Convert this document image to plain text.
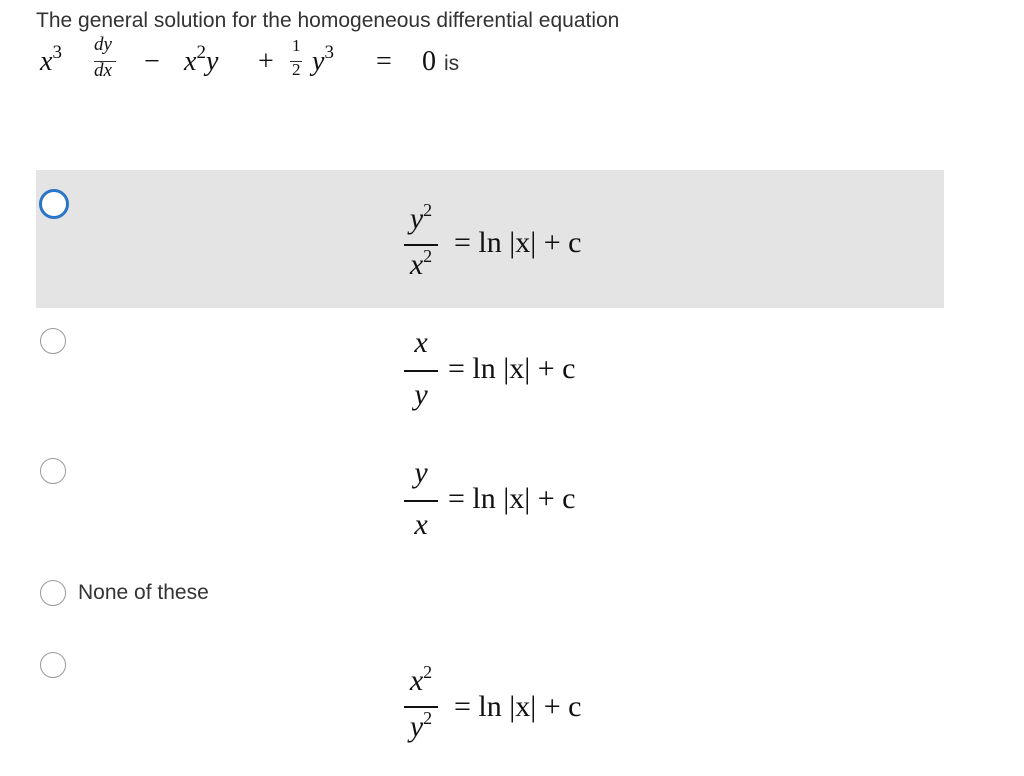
The general solution for the homogeneous differential equation
$x^3$ dy
dx − $x^2y$ +
1
2 $y^3 = 0$ is
$y^2$
$x^2 = \ln |x| + c$
x
y
= ln |x| + c
y
x
= ln |x| + c
None of these
$x^2$
$y^2 = \ln |x| + c$
